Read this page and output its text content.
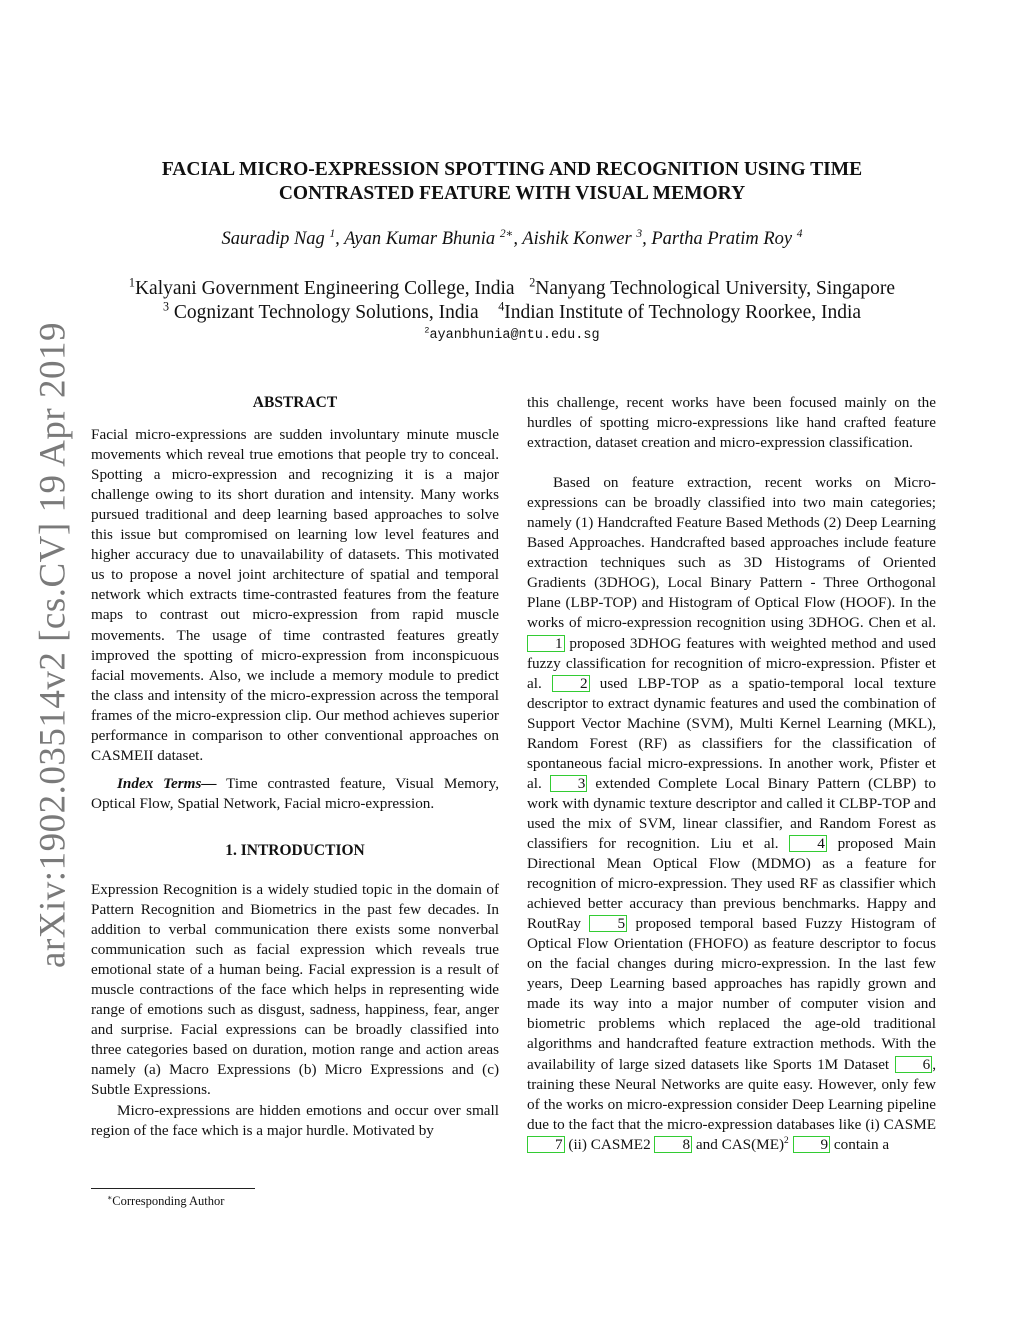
arXiv:1902.03514v2 [cs.CV] 19 Apr 2019
FACIAL MICRO-EXPRESSION SPOTTING AND RECOGNITION USING TIME
CONTRASTED FEATURE WITH VISUAL MEMORY
Sauradip Nag $^1$, Ayan Kumar Bhunia $^{2∗}$, Aishik Konwer $^3$, Partha Pratim Roy $^4$
$^1$Kalyani Government Engineering College, India $^2$Nanyang Technological University, Singapore
$^3$ Cognizant Technology Solutions, India $^4$Indian Institute of Technology Roorkee, India
$^2$ayanbhunia@ntu.edu.sg

ABSTRACT

Facial micro-expressions are sudden involuntary minute muscle movements which reveal true emotions that people try to conceal. Spotting a micro-expression and recognizing it is a major challenge owing to its short duration and intensity. Many works pursued traditional and deep learning based approaches to solve this issue but compromised on learning low level features and higher accuracy due to unavailability of datasets. This motivated us to propose a novel joint architecture of spatial and temporal network which extracts time-contrasted features from the feature maps to contrast out micro-expression from rapid muscle movements. The usage of time contrasted features greatly improved the spotting of micro-expression from inconspicuous facial movements. Also, we include a memory module to predict the class and intensity of the micro-expression across the temporal frames of the micro-expression clip. Our method achieves superior performance in comparison to other conventional approaches on CASMEII dataset.

Index Terms— Time contrasted feature, Visual Memory, Optical Flow, Spatial Network, Facial micro-expression.

1. INTRODUCTION

Expression Recognition is a widely studied topic in the domain of Pattern Recognition and Biometrics in the past few decades. In addition to verbal communication there exists some nonverbal communication such as facial expression which reveals true emotional state of a human being. Facial expression is a result of muscle contractions of the face which helps in representing wide range of emotions such as disgust, sadness, happiness, fear, anger and surprise. Facial expressions can be broadly classified into three categories based on duration, motion range and action areas namely (a) Macro Expressions (b) Micro Expressions and (c) Subtle Expressions.

Micro-expressions are hidden emotions and occur over small region of the face which is a major hurdle. Motivated by

∗Corresponding Author

this challenge, recent works have been focused mainly on the hurdles of spotting micro-expressions like hand crafted feature extraction, dataset creation and micro-expression classification.

Based on feature extraction, recent works on Micro-expressions can be broadly classified into two main categories; namely (1) Handcrafted Feature Based Methods (2) Deep Learning Based Approaches. Handcrafted based approaches include feature extraction techniques such as 3D Histograms of Oriented Gradients (3DHOG), Local Binary Pattern - Three Orthogonal Plane (LBP-TOP) and Histogram of Optical Flow (HOOF). In the works of micro-expression recognition using 3DHOG. Chen et al. 1 proposed 3DHOG features with weighted method and used fuzzy classification for recognition of micro-expression. Pfister et al.	2 used LBP-TOP as a spatio-temporal local texture descriptor to extract dynamic features and used the combination of Support Vector Machine (SVM), Multi Kernel Learning (MKL), Random Forest (RF) as classifiers for the classification of spontaneous facial micro-expressions. In another work, Pfister et al. 3 extended Complete Local Binary Pattern (CLBP) to work with dynamic texture descriptor and called it CLBP-TOP and used the mix of SVM, linear classifier, and Random Forest as classifiers for recognition. Liu et al.	4 proposed Main Directional Mean Optical Flow (MDMO) as a feature for recognition of micro-expression. They used RF as classifier which achieved better accuracy than previous benchmarks. Happy and RoutRay 5 proposed temporal based Fuzzy Histogram of Optical Flow Orientation (FHOFO) as feature descriptor to focus on the facial changes during micro-expression. In the last few years, Deep Learning based approaches has rapidly grown and made its way into a major number of computer vision and biometric problems which replaced the age-old traditional algorithms and handcrafted feature extraction methods. With the availability of large sized datasets like Sports 1M Dataset 6 , training these Neural Networks are quite easy. However, only few of the works on micro-expression consider Deep Learning pipeline due to the fact that the micro-expression databases like (i) CASME 7 (ii) CASME2 8 and CAS(ME)$^2$ 9 contain a
